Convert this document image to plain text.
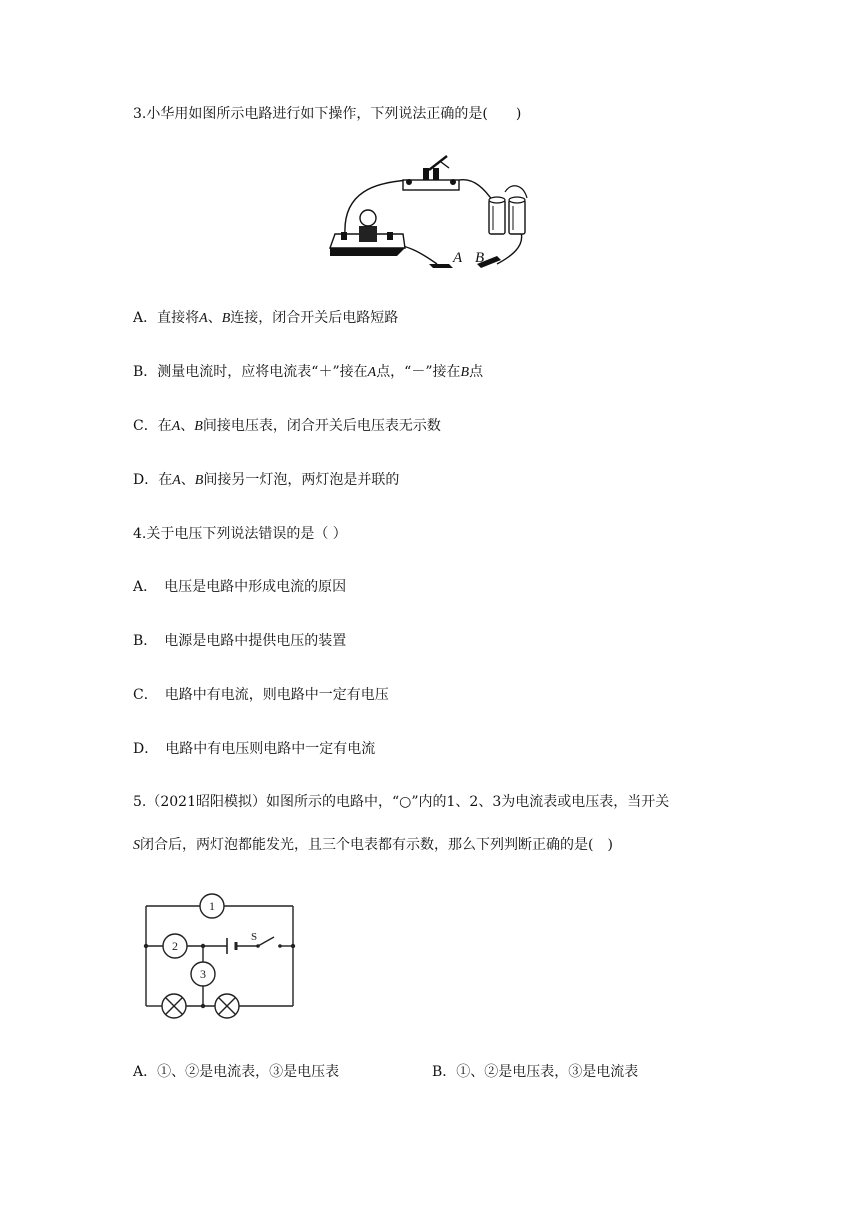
3.小华用如图所示电路进行如下操作，下列说法正确的是(　　)
A B
A．直接将A、B连接，闭合开关后电路短路
B．测量电流时，应将电流表“＋”接在A点，“－”接在B点
C．在A、B间接电压表，闭合开关后电压表无示数
D．在A、B间接另一灯泡，两灯泡是并联的
4.关于电压下列说法错误的是（ ）
A．　电压是电路中形成电流的原因
B．　电源是电路中提供电压的装置
C．　电路中有电流，则电路中一定有电压
D．　电路中有电压则电路中一定有电流
5.（2021昭阳模拟）如图所示的电路中，“○”内的1、2、3为电流表或电压表，当开关
S闭合后，两灯泡都能发光，且三个电表都有示数，那么下列判断正确的是(　)
S
1
2
3
A．①、②是电流表，③是电压表	B．①、②是电压表，③是电流表
